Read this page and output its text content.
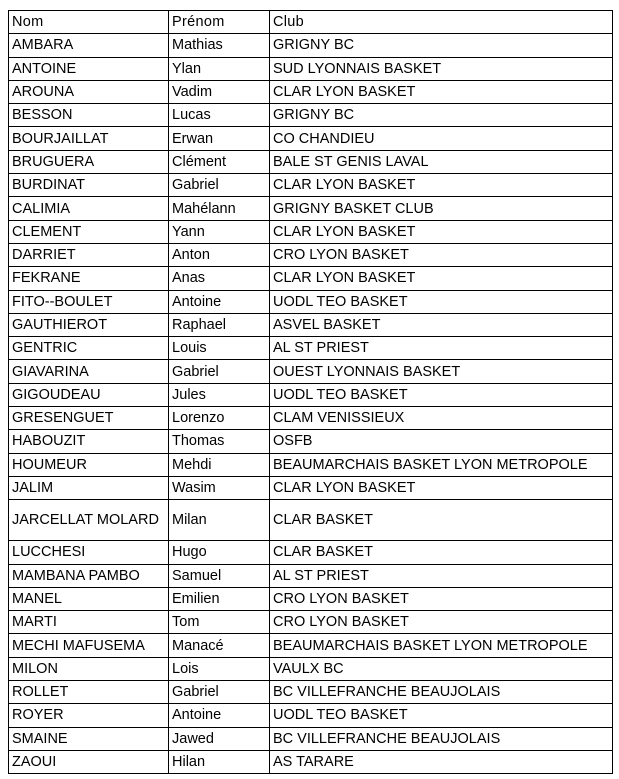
Nom	Prénom	Club
AMBARA	Mathias	GRIGNY BC
ANTOINE	Ylan	SUD LYONNAIS BASKET
AROUNA	Vadim	CLAR LYON BASKET
BESSON	Lucas	GRIGNY BC
BOURJAILLAT	Erwan	CO CHANDIEU
BRUGUERA	Clément	BALE ST GENIS LAVAL
BURDINAT	Gabriel	CLAR LYON BASKET
CALIMIA	Mahélann	GRIGNY BASKET CLUB
CLEMENT	Yann	CLAR LYON BASKET
DARRIET	Anton	CRO LYON BASKET
FEKRANE	Anas	CLAR LYON BASKET
FITO--BOULET	Antoine	UODL TEO BASKET
GAUTHIEROT	Raphael	ASVEL BASKET
GENTRIC	Louis	AL ST PRIEST
GIAVARINA	Gabriel	OUEST LYONNAIS BASKET
GIGOUDEAU	Jules	UODL TEO BASKET
GRESENGUET	Lorenzo	CLAM VENISSIEUX
HABOUZIT	Thomas	OSFB
HOUMEUR	Mehdi	BEAUMARCHAIS BASKET LYON METROPOLE
JALIM	Wasim	CLAR LYON BASKET
JARCELLAT MOLARD	Milan	CLAR BASKET
LUCCHESI	Hugo	CLAR BASKET
MAMBANA PAMBO	Samuel	AL ST PRIEST
MANEL	Emilien	CRO LYON BASKET
MARTI	Tom	CRO LYON BASKET
MECHI MAFUSEMA	Manacé	BEAUMARCHAIS BASKET LYON METROPOLE
MILON	Lois	VAULX BC
ROLLET	Gabriel	BC VILLEFRANCHE BEAUJOLAIS
ROYER	Antoine	UODL TEO BASKET
SMAINE	Jawed	BC VILLEFRANCHE BEAUJOLAIS
ZAOUI	Hilan	AS TARARE
